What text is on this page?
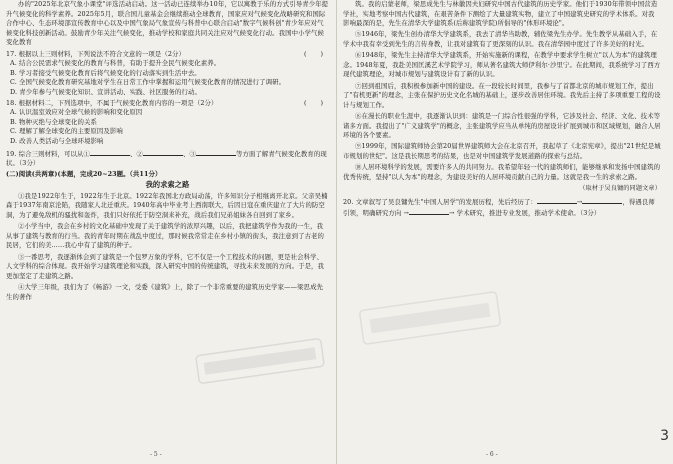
办的"2025年北京气象小课堂"评选活动启动。这一活动已连续举办10年，它以寓教于乐的方式引导青少年提升气候变化的科学素养。2025年5月，联合国儿童基金会继续推动全球教育，国家应对气候变化战略研究和国际合作中心、生态环境部宣传教育中心以及中国气象局气象宣传与科普中心联合启动"数字气候科创"青少年应对气候变化科技创新活动。鼓励青少年关注气候变化，推动学校和家庭共同关注应对气候变化行动。我国中小学气候变化教育

17. 根据以上三则材料，下列说法不符合文意的一项是（2分）	( )

A. 结合公民需求气候变化的教育与科普，有助于提升全民气候变化素养。

B. 学习者接受气候变化教育后将气候变化的行动落实到生活中去。

C. 全国气候变化教育研究基地对学生在日常工作中掌握和运用气候变化教育的情况进行了调研。

D. 青少年参与气候变化知识、宣讲活动、实践、社区服务的行动。

18. 根据材料二，下列选项中，不属于气候变化教育内容的一项是（2分）	( )

A. 认识温室效应对全球气候的影响和变化原因

B. 物种灭绝与全球变化的关系

C. 理解了解全球变化的主要原因及影响

D. 改善人类活动与全球环境影响

19. 综合三则材料，可以从①	、②	、③	等方面了解青气候变化教育的现状。（3分）

(二)阅读(共两章)(本题，完成20~23题。（共11分）

我的求索之路

①我是1922年生于，1922年生于北京。1922年我国北方政局动荡，许多知识分子相继离开北京。父亲吴楠森于1937年南京沦陷，我随家人北迁重庆。1940年高中毕业考上西南联大，后因日寇在重庆建立了大片的防空洞，为了避免敌机的骚扰和轰炸，我们只好依托于防空洞来补充，战后我们兄弟姐妹各自回到了家乡。

②小学当中，我会在乡村的文化基础中发现了关于建筑学的浓厚兴趣，以后，我把建筑学作为我的一生，我从事了建筑与教育的行当。我的青年时期在战乱中度过，那时候我常常走在乡村小镇的街头，我注意到了古老的民居，它们的美……我心中有了建筑的种子。

③一番思考，我逐渐体会到了建筑是一个包罗万象的学科，它不仅是一个工程技术的问题，更是社会科学、人文学科的综合体现。我开始学习建筑理论和实践，深入研究中国的传统建筑，寻找未来发展的方向。于是，我更加坚定了走建筑之路。

④大学三年级，我们为了《畅游》一文，受委《建筑》上，除了一个非常重要的建筑历史学家——梁思成先生的著作

筑。我的启蒙老师，梁思成先生与林徽因夫妇研究中国古代建筑的历史学家。他们于1930年带领中国营造学社，实地考察中国古代建筑，在艰苦条件下测绘了大量建筑实物，建立了中国建筑史研究的学术体系。对我影响最深的是，先生在清华大学建筑系(后称建筑学院)所倡导的"体形环境论"。

⑤1946年，梁先生创办清华大学建筑系，我去了清华当助教，辅佐梁先生办学。先生教学从基础入手，在学术中我有幸受到先生的言传身教，让我对建筑有了更深刻的认识。我在清华园中度过了许多美好的时光。

⑥1948年，梁先生主持清华大学建筑系，开始实施新的课程，在教学中要求学生树立"以人为本"的建筑理念。1948年夏，我赴美国匡溪艺术学院学习，师从著名建筑大师伊利尔·沙里宁。在此期间，我系统学习了西方现代建筑理论，对城市规划与建筑设计有了新的认识。

⑦回到祖国后，我积极参加新中国的建设。在一段较长时间里，我参与了首都北京的城市规划工作，提出了"有机更新"的理念，主张在保护历史文化名城的基础上，逐步改善居住环境。我先后主持了多项重要工程的设计与规划工作。

⑧在漫长的职业生涯中，我逐渐认识到：建筑是一门综合性很强的学科，它涉及社会、经济、文化、技术等诸多方面。我提出了"广义建筑学"的概念，主张建筑学应当从单纯的房屋设计扩展到城市和区域规划，融合人居环境的各个要素。

⑨1999年，国际建筑师协会第20届世界建筑师大会在北京召开，我起草了《北京宪章》，提出"21世纪是城市规划的世纪"。这是我长期思考的结果，也是对中国建筑学发展道路的探索与总结。

⑩人居环境科学的发展，需要许多人的共同努力。我希望年轻一代的建筑师们，能够继承和发扬中国建筑的优秀传统，坚持"以人为本"的理念，为建设美好的人居环境贡献自己的力量。这就是我一生的求索之路。

（取材于吴良镛的同题文章）

20. 文章叙写了吴良镛先生"中国人居学"的发展历程，先后经历了：	→	，得遇良师引领，明确研究方向 →	→ 学术研究，推进专业发展，推动学术使命。（3分）

- 5 -	- 6 -
3
